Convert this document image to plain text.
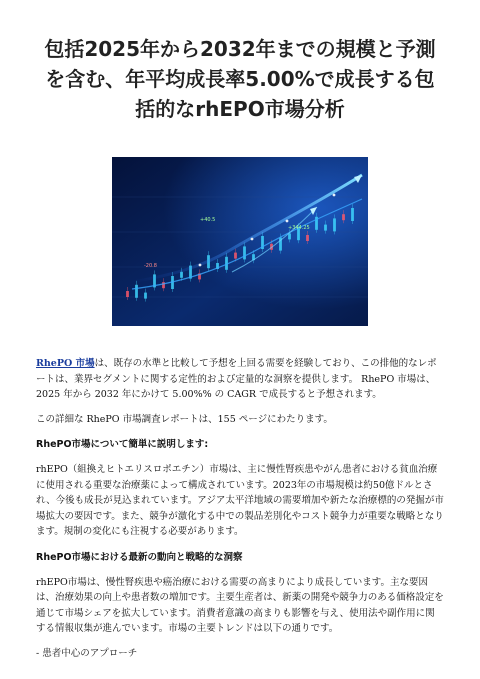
包括2025年から2032年までの規模と予測を含む、年平均成長率5.00%で成長する包括的なrhEPO市場分析
+40.5
+344.25
-20.8

RhePO 市場は、既存の水準と比較して予想を上回る需要を経験しており、この排他的なレポートは、業界セグメントに関する定性的および定量的な洞察を提供します。 RhePO 市場は、2025 年から 2032 年にかけて 5.00%% の CAGR で成長すると予想されます。

この詳細な RhePO 市場調査レポートは、155 ページにわたります。

RhePO市場について簡単に説明します:

rhEPO（組換えヒトエリスロポエチン）市場は、主に慢性腎疾患やがん患者における貧血治療に使用される重要な治療薬によって構成されています。2023年の市場規模は約50億ドルとされ、今後も成長が見込まれています。アジア太平洋地域の需要増加や新たな治療標的の発掘が市場拡大の要因です。また、競争が激化する中での製品差別化やコスト競争力が重要な戦略となります。規制の変化にも注視する必要があります。

RhePO市場における最新の動向と戦略的な洞察

rhEPO市場は、慢性腎疾患や癌治療における需要の高まりにより成長しています。主な要因は、治療効果の向上や患者数の増加です。主要生産者は、新薬の開発や競争力のある価格設定を通じて市場シェアを拡大しています。消費者意識の高まりも影響を与え、使用法や副作用に関する情報収集が進んでいます。市場の主要トレンドは以下の通りです。

- 患者中心のアプローチ
